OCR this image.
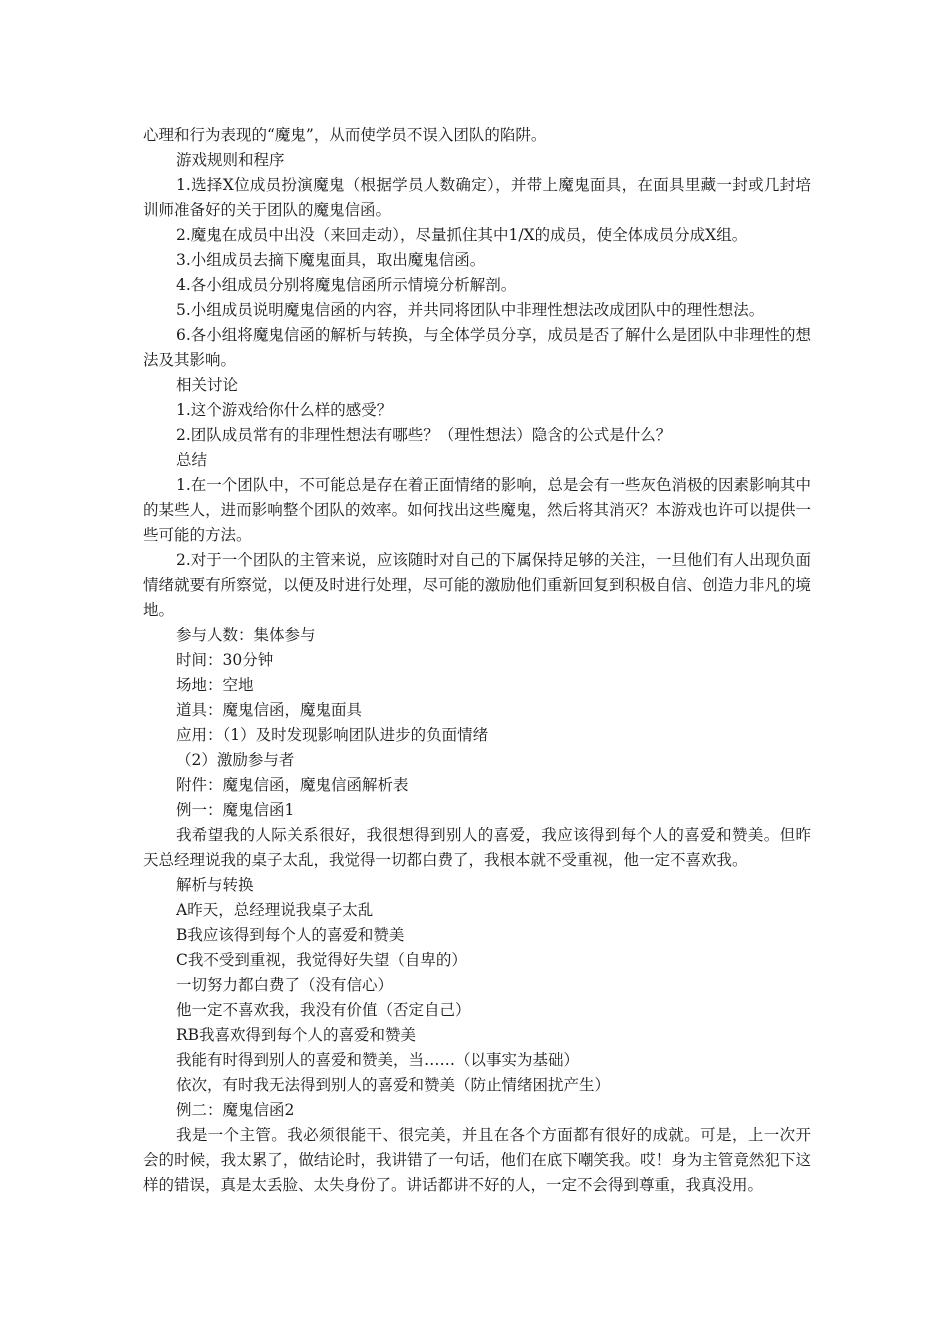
心理和行为表现的“魔鬼”，从而使学员不误入团队的陷阱。

游戏规则和程序

1.选择X位成员扮演魔鬼（根据学员人数确定），并带上魔鬼面具，在面具里藏一封或几封培训师准备好的关于团队的魔鬼信函。

2.魔鬼在成员中出没（来回走动），尽量抓住其中1/X的成员，使全体成员分成X组。

3.小组成员去摘下魔鬼面具，取出魔鬼信函。

4.各小组成员分别将魔鬼信函所示情境分析解剖。

5.小组成员说明魔鬼信函的内容，并共同将团队中非理性想法改成团队中的理性想法。

6.各小组将魔鬼信函的解析与转换，与全体学员分享，成员是否了解什么是团队中非理性的想法及其影响。

相关讨论

1.这个游戏给你什么样的感受？

2.团队成员常有的非理性想法有哪些？（理性想法）隐含的公式是什么？

总结

1.在一个团队中，不可能总是存在着正面情绪的影响，总是会有一些灰色消极的因素影响其中的某些人，进而影响整个团队的效率。如何找出这些魔鬼，然后将其消灭？本游戏也许可以提供一些可能的方法。

2.对于一个团队的主管来说，应该随时对自己的下属保持足够的关注，一旦他们有人出现负面情绪就要有所察觉，以便及时进行处理，尽可能的激励他们重新回复到积极自信、创造力非凡的境地。

参与人数：集体参与

时间：30分钟

场地：空地

道具：魔鬼信函，魔鬼面具

应用：（1）及时发现影响团队进步的负面情绪

（2）激励参与者

附件：魔鬼信函，魔鬼信函解析表

例一：魔鬼信函1

我希望我的人际关系很好，我很想得到别人的喜爱，我应该得到每个人的喜爱和赞美。但昨天总经理说我的桌子太乱，我觉得一切都白费了，我根本就不受重视，他一定不喜欢我。

解析与转换

A昨天，总经理说我桌子太乱

B我应该得到每个人的喜爱和赞美

C我不受到重视，我觉得好失望（自卑的）

一切努力都白费了（没有信心）

他一定不喜欢我，我没有价值（否定自己）

RB我喜欢得到每个人的喜爱和赞美

我能有时得到别人的喜爱和赞美，当……（以事实为基础）

依次，有时我无法得到别人的喜爱和赞美（防止情绪困扰产生）

例二：魔鬼信函2

我是一个主管。我必须很能干、很完美，并且在各个方面都有很好的成就。可是，上一次开会的时候，我太累了，做结论时，我讲错了一句话，他们在底下嘲笑我。哎！身为主管竟然犯下这样的错误，真是太丢脸、太失身份了。讲话都讲不好的人，一定不会得到尊重，我真没用。
